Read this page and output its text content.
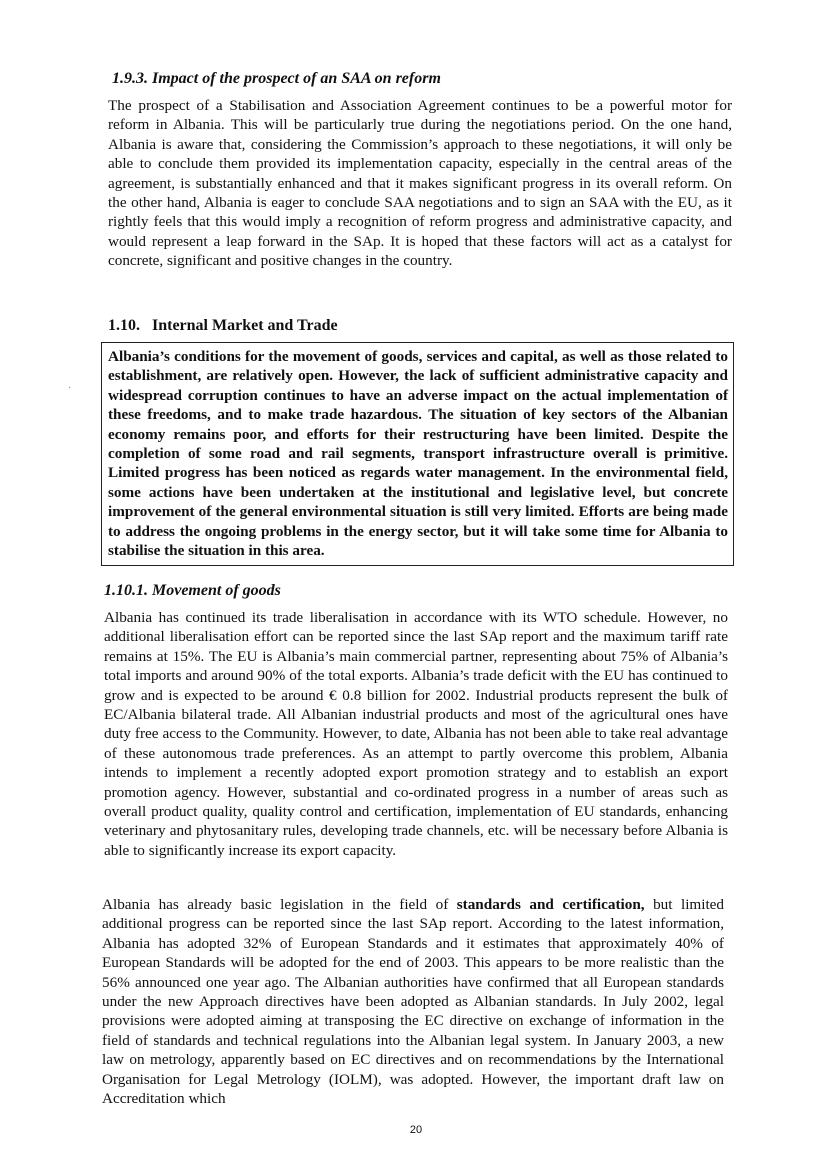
1.9.3. Impact of the prospect of an SAA on reform

The prospect of a Stabilisation and Association Agreement continues to be a powerful motor for reform in Albania. This will be particularly true during the negotiations period. On the one hand, Albania is aware that, considering the Commission’s approach to these negotiations, it will only be able to conclude them provided its implementation capacity, especially in the central areas of the agreement, is substantially enhanced and that it makes significant progress in its overall reform. On the other hand, Albania is eager to conclude SAA negotiations and to sign an SAA with the EU, as it rightly feels that this would imply a recognition of reform progress and administrative capacity, and would represent a leap forward in the SAp. It is hoped that these factors will act as a catalyst for concrete, significant and positive changes in the country.

1.10.   Internal Market and Trade

Albania’s conditions for the movement of goods, services and capital, as well as those related to establishment, are relatively open. However, the lack of sufficient administrative capacity and widespread corruption continues to have an adverse impact on the actual implementation of these freedoms, and to make trade hazardous. The situation of key sectors of the Albanian economy remains poor, and efforts for their restructuring have been limited. Despite the completion of some road and rail segments, transport infrastructure overall is primitive. Limited progress has been noticed as regards water management. In the environmental field, some actions have been undertaken at the institutional and legislative level, but concrete improvement of the general environmental situation is still very limited. Efforts are being made to address the ongoing problems in the energy sector, but it will take some time for Albania to stabilise the situation in this area.

·
1.10.1. Movement of goods

Albania has continued its trade liberalisation in accordance with its WTO schedule. However, no additional liberalisation effort can be reported since the last SAp report and the maximum tariff rate remains at 15%. The EU is Albania’s main commercial partner, representing about 75% of Albania’s total imports and around 90% of the total exports. Albania’s trade deficit with the EU has continued to grow and is expected to be around € 0.8 billion for 2002. Industrial products represent the bulk of EC/Albania bilateral trade. All Albanian industrial products and most of the agricultural ones have duty free access to the Community. However, to date, Albania has not been able to take real advantage of these autonomous trade preferences. As an attempt to partly overcome this problem, Albania intends to implement a recently adopted export promotion strategy and to establish an export promotion agency. However, substantial and co-ordinated progress in a number of areas such as overall product quality, quality control and certification, implementation of EU standards, enhancing veterinary and phytosanitary rules, developing trade channels, etc. will be necessary before Albania is able to significantly increase its export capacity.

Albania has already basic legislation in the field of standards and certification, but limited additional progress can be reported since the last SAp report. According to the latest information, Albania has adopted 32% of European Standards and it estimates that approximately 40% of European Standards will be adopted for the end of 2003. This appears to be more realistic than the 56% announced one year ago. The Albanian authorities have confirmed that all European standards under the new Approach directives have been adopted as Albanian standards. In July 2002, legal provisions were adopted aiming at transposing the EC directive on exchange of information in the field of standards and technical regulations into the Albanian legal system. In January 2003, a new law on metrology, apparently based on EC directives and on recommendations by the International Organisation for Legal Metrology (IOLM), was adopted. However, the important draft law on Accreditation which

20
